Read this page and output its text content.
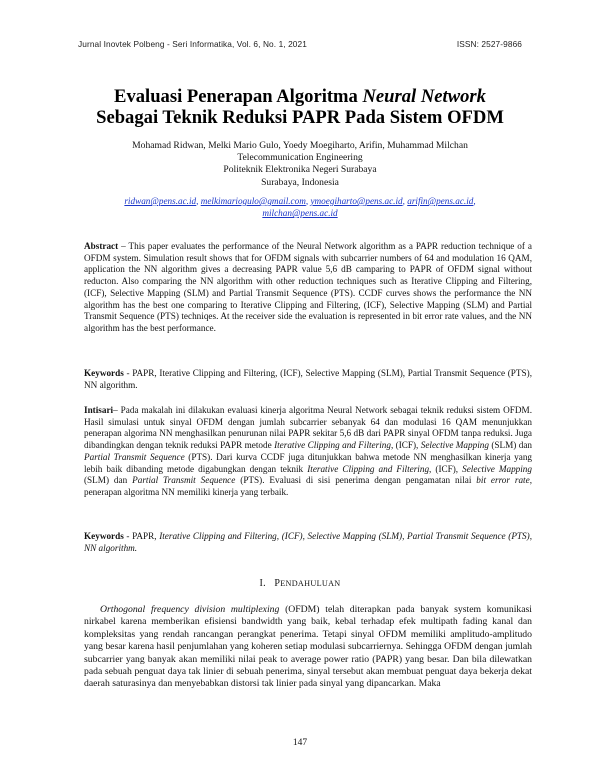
Jurnal Inovtek Polbeng - Seri Informatika, Vol. 6, No. 1, 2021	ISSN: 2527-9866
Evaluasi Penerapan Algoritma Neural Network
Sebagai Teknik Reduksi PAPR Pada Sistem OFDM
Mohamad Ridwan, Melki Mario Gulo, Yoedy Moegiharto, Arifin, Muhammad Milchan
Telecommunication Engineering
Politeknik Elektronika Negeri Surabaya
Surabaya, Indonesia
ridwan@pens.ac.id, melkimariogulo@gmail.com, ymoegiharto@pens.ac.id, arifin@pens.ac.id,
milchan@pens.ac.id
Abstract – This paper evaluates the performance of the Neural Network algorithm as a PAPR reduction technique of a OFDM system. Simulation result shows that for OFDM signals with subcarrier numbers of 64 and modulation 16 QAM, application the NN algorithm gives a decreasing PAPR value 5,6 dB camparing to PAPR of OFDM signal without reducton. Also comparing the NN algorithm with other reduction techniques such as Iterative Clipping and Filtering, (ICF), Selective Mapping (SLM) and Partial Transmit Sequence (PTS). CCDF curves shows the performance the NN algorithm has the best one comparing to Iterative Clipping and Filtering, (ICF), Selective Mapping (SLM) and Partial Transmit Sequence (PTS) techniqes. At the receiver side the evaluation is represented in bit error rate values, and the NN algorithm has the best performance.
Keywords - PAPR, Iterative Clipping and Filtering, (ICF), Selective Mapping (SLM), Partial Transmit Sequence (PTS), NN algorithm.
Intisari– Pada makalah ini dilakukan evaluasi kinerja algoritma Neural Network sebagai teknik reduksi sistem OFDM. Hasil simulasi untuk sinyal OFDM dengan jumlah subcarrier sebanyak 64 dan modulasi 16 QAM menunjukkan penerapan algorima NN menghasilkan penurunan nilai PAPR sekitar 5,6 dB dari PAPR sinyal OFDM tanpa reduksi. Juga dibandingkan dengan teknik reduksi PAPR metode Iterative Clipping and Filtering, (ICF), Selective Mapping (SLM) dan Partial Transmit Sequence (PTS). Dari kurva CCDF juga ditunjukkan bahwa metode NN menghasilkan kinerja yang lebih baik dibanding metode digabungkan dengan teknik Iterative Clipping and Filtering, (ICF), Selective Mapping (SLM) dan Partial Transmit Sequence (PTS). Evaluasi di sisi penerima dengan pengamatan nilai bit error rate, penerapan algoritma NN memiliki kinerja yang terbaik.
Keywords - PAPR, Iterative Clipping and Filtering, (ICF), Selective Mapping (SLM), Partial Transmit Sequence (PTS), NN algorithm.
I. PENDAHULUAN
Orthogonal frequency division multiplexing (OFDM) telah diterapkan pada banyak system komunikasi nirkabel karena memberikan efisiensi bandwidth yang baik, kebal terhadap efek multipath fading kanal dan kompleksitas yang rendah rancangan perangkat penerima. Tetapi sinyal OFDM memiliki amplitudo-amplitudo yang besar karena hasil penjumlahan yang koheren setiap modulasi subcarriernya. Sehingga OFDM dengan jumlah subcarrier yang banyak akan memiliki nilai peak to average power ratio (PAPR) yang besar. Dan bila dilewatkan pada sebuah penguat daya tak linier di sebuah penerima, sinyal tersebut akan membuat penguat daya bekerja dekat daerah saturasinya dan menyebabkan distorsi tak linier pada sinyal yang dipancarkan. Maka
147
